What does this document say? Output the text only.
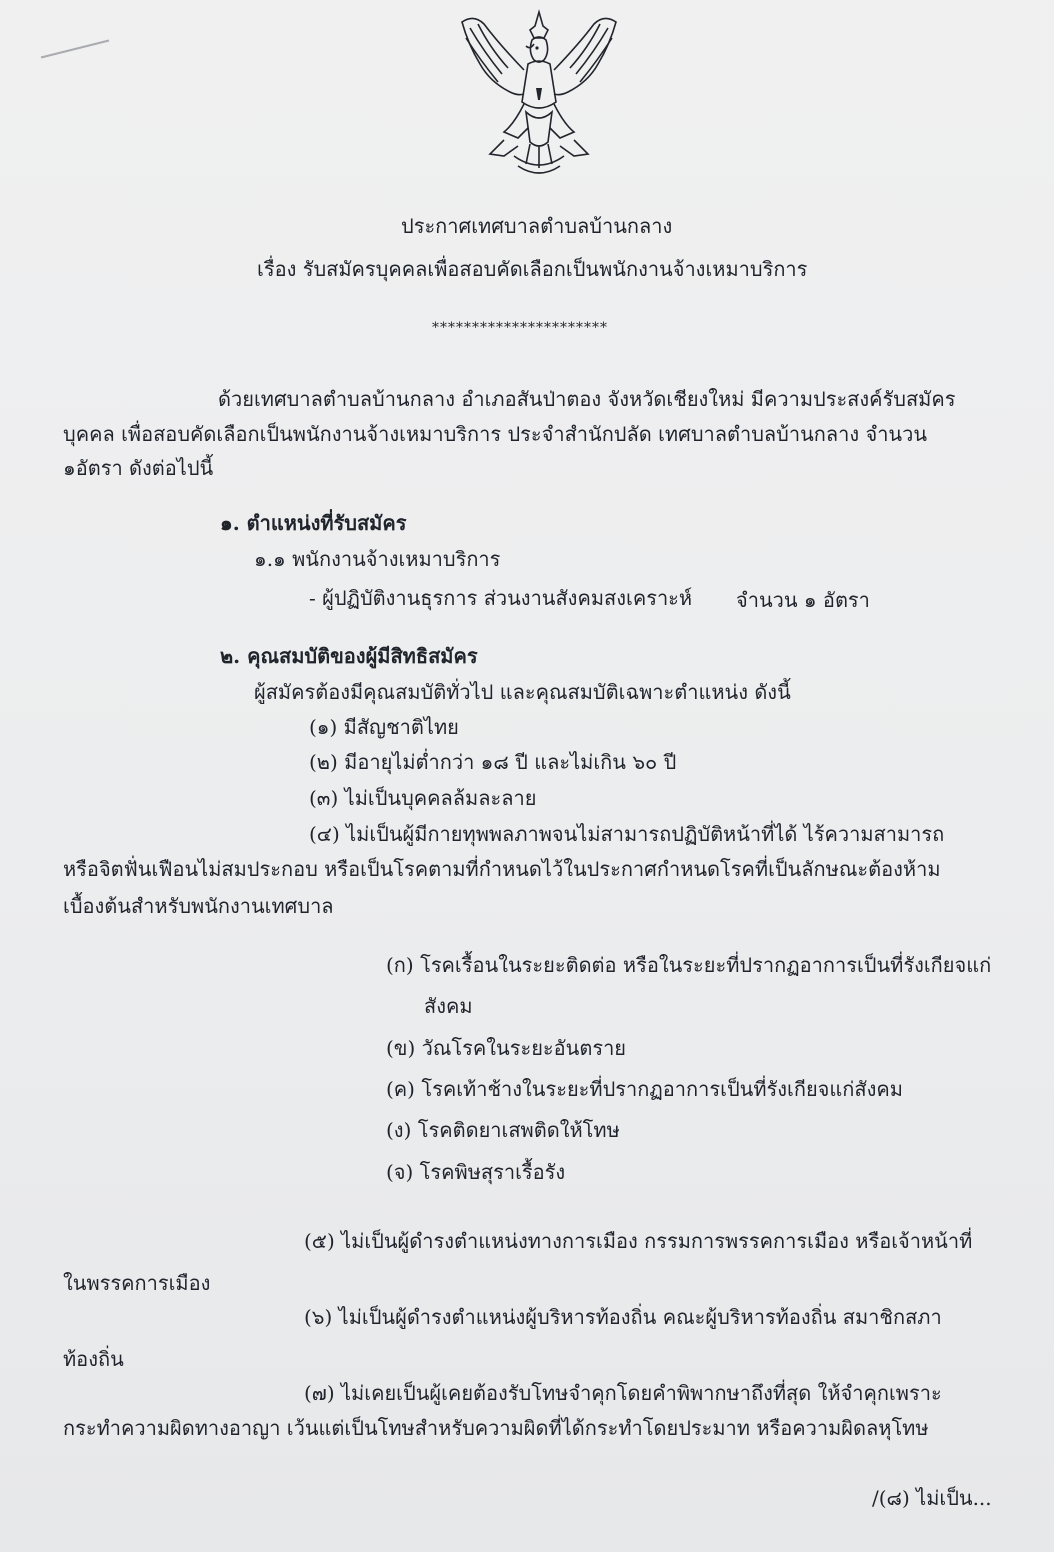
ประกาศเทศบาลตำบลบ้านกลาง
เรื่อง รับสมัครบุคคลเพื่อสอบคัดเลือกเป็นพนักงานจ้างเหมาบริการ
**********************
ด้วยเทศบาลตำบลบ้านกลาง อำเภอสันป่าตอง จังหวัดเชียงใหม่ มีความประสงค์รับสมัคร
บุคคล เพื่อสอบคัดเลือกเป็นพนักงานจ้างเหมาบริการ ประจำสำนักปลัด เทศบาลตำบลบ้านกลาง จำนวน
๑อัตรา ดังต่อไปนี้
๑. ตำแหน่งที่รับสมัคร
๑.๑ พนักงานจ้างเหมาบริการ
- ผู้ปฏิบัติงานธุรการ ส่วนงานสังคมสงเคราะห์ จำนวน ๑ อัตรา
๒. คุณสมบัติของผู้มีสิทธิสมัคร
ผู้สมัครต้องมีคุณสมบัติทั่วไป และคุณสมบัติเฉพาะตำแหน่ง ดังนี้
(๑) มีสัญชาติไทย
(๒) มีอายุไม่ต่ำกว่า ๑๘ ปี และไม่เกิน ๖๐ ปี
(๓) ไม่เป็นบุคคลล้มละลาย
(๔) ไม่เป็นผู้มีกายทุพพลภาพจนไม่สามารถปฏิบัติหน้าที่ได้ ไร้ความสามารถ
หรือจิตฟั่นเฟือนไม่สมประกอบ หรือเป็นโรคตามที่กำหนดไว้ในประกาศกำหนดโรคที่เป็นลักษณะต้องห้าม
เบื้องต้นสำหรับพนักงานเทศบาล
(ก) โรคเรื้อนในระยะติดต่อ หรือในระยะที่ปรากฏอาการเป็นที่รังเกียจแก่
สังคม
(ข) วัณโรคในระยะอันตราย
(ค) โรคเท้าช้างในระยะที่ปรากฏอาการเป็นที่รังเกียจแก่สังคม
(ง) โรคติดยาเสพติดให้โทษ
(จ) โรคพิษสุราเรื้อรัง
(๕) ไม่เป็นผู้ดำรงตำแหน่งทางการเมือง กรรมการพรรคการเมือง หรือเจ้าหน้าที่
ในพรรคการเมือง
(๖) ไม่เป็นผู้ดำรงตำแหน่งผู้บริหารท้องถิ่น คณะผู้บริหารท้องถิ่น สมาชิกสภา
ท้องถิ่น
(๗) ไม่เคยเป็นผู้เคยต้องรับโทษจำคุกโดยคำพิพากษาถึงที่สุด ให้จำคุกเพราะ
กระทำความผิดทางอาญา เว้นแต่เป็นโทษสำหรับความผิดที่ได้กระทำโดยประมาท หรือความผิดลหุโทษ
/(๘) ไม่เป็น...
